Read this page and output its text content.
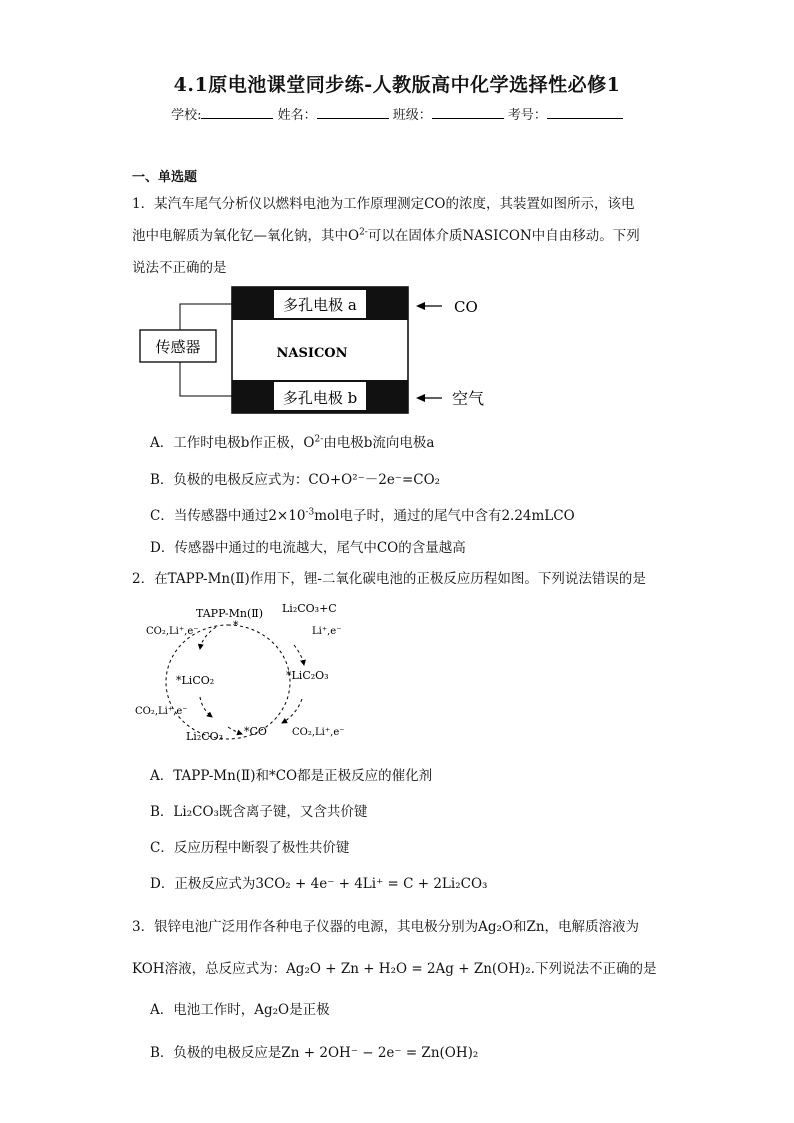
4.1原电池课堂同步练-人教版高中化学选择性必修1
学校:	姓名：	班级：	考号：
一、单选题
1．某汽车尾气分析仪以燃料电池为工作原理测定CO的浓度，其装置如图所示，该电
池中电解质为氧化钇—氧化钠，其中$O^{2-}$可以在固体介质NASICON中自由移动。下列
说法不正确的是
多孔电极 a
多孔电极 b
NASICON
传感器
CO
空气
A．工作时电极b作正极，$O^{2-}$由电极b流向电极a
B．负极的电极反应式为：CO+O²⁻－2e⁻=CO₂
C．当传感器中通过$2\times 10^{-3}mol$电子时，通过的尾气中含有2.24mLCO
D．传感器中通过的电流越大，尾气中CO的含量越高
2．在TAPP-Mn(Ⅱ)作用下，锂-二氧化碳电池的正极反应历程如图。下列说法错误的是
TAPP-Mn(Ⅱ)
*
Li₂CO₃+C
Li⁺,e⁻
CO₂,Li⁺,e⁻
*LiCO₂	*LiC₂O₃
CO₂,Li⁺,e⁻
Li₂CO₃ *CO	CO₂,Li⁺,e⁻
A．TAPP-Mn(Ⅱ)和*CO都是正极反应的催化剂
B．Li₂CO₃既含离子键，又含共价键
C．反应历程中断裂了极性共价键
D．正极反应式为3CO₂ + 4e⁻ + 4Li⁺ = C + 2Li₂CO₃
3．银锌电池广泛用作各种电子仪器的电源，其电极分别为Ag₂O和Zn，电解质溶液为
KOH溶液，总反应式为：Ag₂O + Zn + H₂O = 2Ag + Zn(OH)₂.下列说法不正确的是
A．电池工作时，Ag₂O是正极
B．负极的电极反应是Zn + 2OH⁻ − 2e⁻ = Zn(OH)₂
